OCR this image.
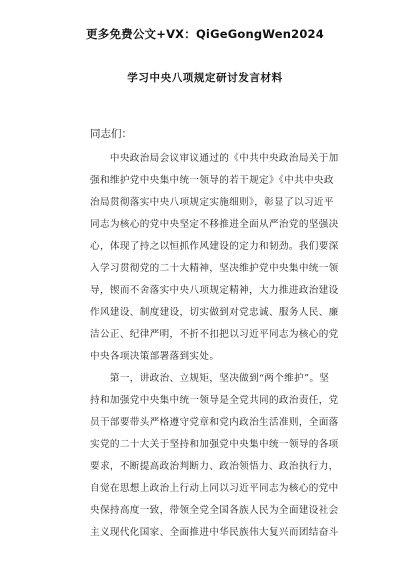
更多免费公文+VX：QiGeGongWen2024
学习中央八项规定研讨发言材料
同志们：
　　中央政治局会议审议通过的《中共中央政治局关于加
强和维护党中央集中统一领导的若干规定》《中共中央政
治局贯彻落实中央八项规定实施细则》，彰显了以习近平
同志为核心的党中央坚定不移推进全面从严治党的坚强决
心，体现了持之以恒抓作风建设的定力和韧劲。我们要深
入学习贯彻党的二十大精神，坚决维护党中央集中统一领
导，锲而不舍落实中央八项规定精神，大力推进政治建设
作风建设、制度建设，切实做到对党忠诚、服务人民、廉
洁公正、纪律严明，不折不扣把以习近平同志为核心的党
中央各项决策部署落到实处。
　　第一，讲政治、立规矩，坚决做到“两个维护”。坚
持和加强党中央集中统一领导是全党共同的政治责任，党
员干部要带头严格遵守党章和党内政治生活准则，全面落
实党的二十大关于坚持和加强党中央集中统一领导的各项
要求，不断提高政治判断力、政治领悟力、政治执行力，
自觉在思想上政治上行动上同以习近平同志为核心的党中
央保持高度一致，带领全党全国各族人民为全面建设社会
主义现代化国家、全面推进中华民族伟大复兴而团结奋斗
